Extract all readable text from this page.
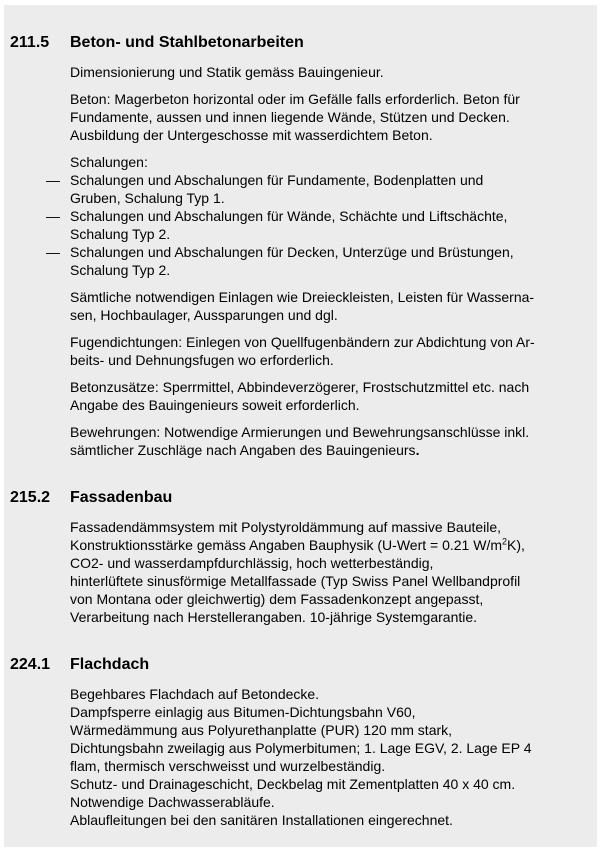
211.5 Beton- und Stahlbetonarbeiten

Dimensionierung und Statik gemäss Bauingenieur.

Beton: Magerbeton horizontal oder im Gefälle falls erforderlich. Beton für
Fundamente, aussen und innen liegende Wände, Stützen und Decken.
Ausbildung der Untergeschosse mit wasserdichtem Beton.

Schalungen:

— Schalungen und Abschalungen für Fundamente, Bodenplatten und
Gruben, Schalung Typ 1.
— Schalungen und Abschalungen für Wände, Schächte und Liftschächte,
Schalung Typ 2.
— Schalungen und Abschalungen für Decken, Unterzüge und Brüstungen,
Schalung Typ 2.

Sämtliche notwendigen Einlagen wie Dreieckleisten, Leisten für Wasserna-
sen, Hochbaulager, Aussparungen und dgl.

Fugendichtungen: Einlegen von Quellfugenbändern zur Abdichtung von Ar-
beits- und Dehnungsfugen wo erforderlich.

Betonzusätze: Sperrmittel, Abbindeverzögerer, Frostschutzmittel etc. nach
Angabe des Bauingenieurs soweit erforderlich.

Bewehrungen: Notwendige Armierungen und Bewehrungsanschlüsse inkl.
sämtlicher Zuschläge nach Angaben des Bauingenieurs.

215.2 Fassadenbau

Fassadendämmsystem mit Polystyroldämmung auf massive Bauteile,
Konstruktionsstärke gemäss Angaben Bauphysik (U-Wert = 0.21 $W/m^2K$),
CO2- und wasserdampfdurchlässig, hoch wetterbeständig,
hinterlüftete sinusförmige Metallfassade (Typ Swiss Panel Wellbandprofil
von Montana oder gleichwertig) dem Fassadenkonzept angepasst,
Verarbeitung nach Herstellerangaben. 10-jährige Systemgarantie.

224.1 Flachdach

Begehbares Flachdach auf Betondecke.
Dampfsperre einlagig aus Bitumen-Dichtungsbahn V60,
Wärmedämmung aus Polyurethanplatte (PUR) 120 mm stark,
Dichtungsbahn zweilagig aus Polymerbitumen; 1. Lage EGV, 2. Lage EP 4
flam, thermisch verschweisst und wurzelbeständig.
Schutz- und Drainageschicht, Deckbelag mit Zementplatten 40 x 40 cm.
Notwendige Dachwasserabläufe.
Ablaufleitungen bei den sanitären Installationen eingerechnet.
